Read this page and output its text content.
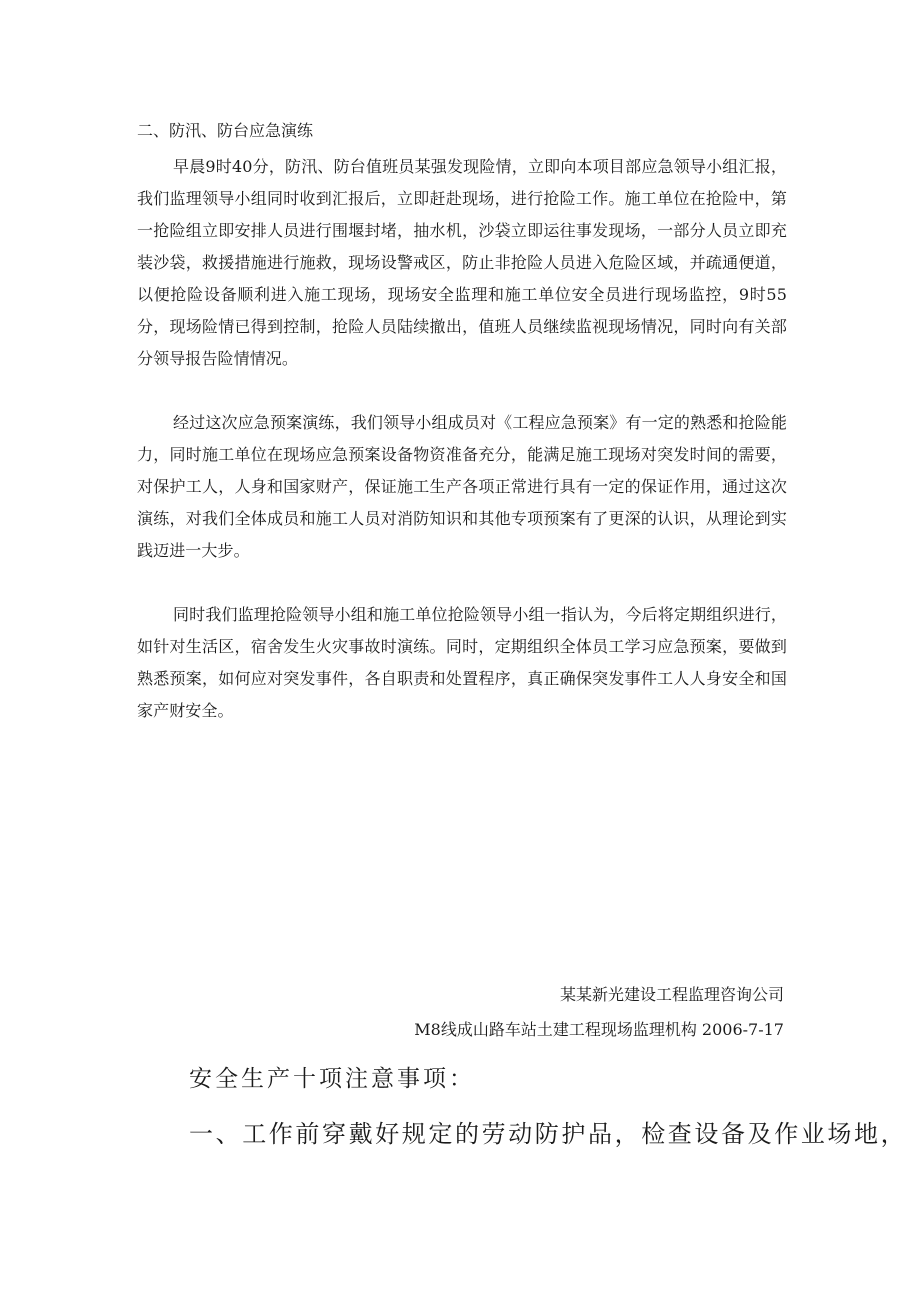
二、防汛、防台应急演练

早晨9时40分，防汛、防台值班员某强发现险情，立即向本项目部应急领导小组汇报，我们监理领导小组同时收到汇报后，立即赶赴现场，进行抢险工作。施工单位在抢险中，第一抢险组立即安排人员进行围堰封堵，抽水机，沙袋立即运往事发现场，一部分人员立即充装沙袋，救援措施进行施救，现场设警戒区，防止非抢险人员进入危险区域，并疏通便道，以便抢险设备顺利进入施工现场，现场安全监理和施工单位安全员进行现场监控，9时55分，现场险情已得到控制，抢险人员陆续撤出，值班人员继续监视现场情况，同时向有关部分领导报告险情情况。

经过这次应急预案演练，我们领导小组成员对《工程应急预案》有一定的熟悉和抢险能力，同时施工单位在现场应急预案设备物资准备充分，能满足施工现场对突发时间的需要，对保护工人，人身和国家财产，保证施工生产各项正常进行具有一定的保证作用，通过这次演练，对我们全体成员和施工人员对消防知识和其他专项预案有了更深的认识，从理论到实践迈进一大步。

同时我们监理抢险领导小组和施工单位抢险领导小组一指认为，今后将定期组织进行，如针对生活区，宿舍发生火灾事故时演练。同时，定期组织全体员工学习应急预案，要做到熟悉预案，如何应对突发事件，各自职责和处置程序，真正确保突发事件工人人身安全和国家产财安全。

某某新光建设工程监理咨询公司
M8线成山路车站土建工程现场监理机构 2006-7-17
安全生产十项注意事项：
一、工作前穿戴好规定的劳动防护品，检查设备及作业场地，
